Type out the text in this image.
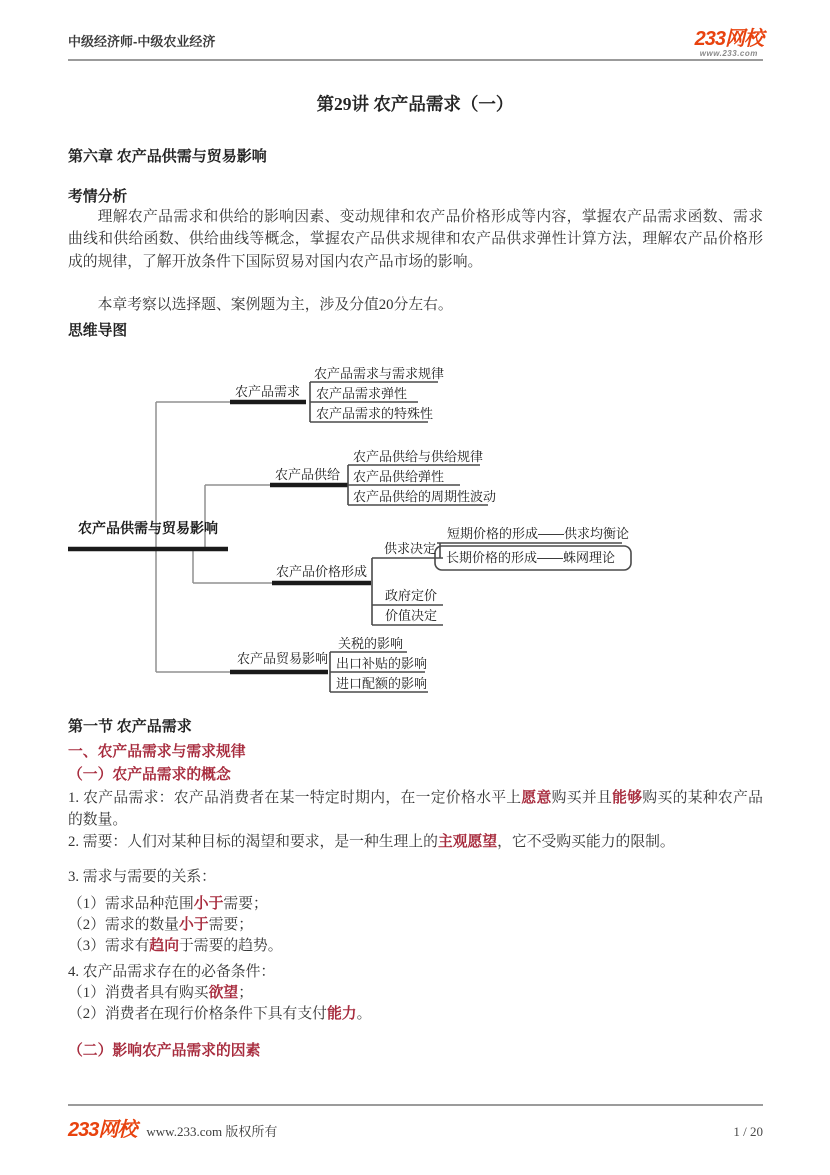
中级经济师-中级农业经济	233网校
www.233.com
第29讲 农产品需求（一）
第六章 农产品供需与贸易影响
考情分析
理解农产品需求和供给的影响因素、变动规律和农产品价格形成等内容，掌握农产品需求函数、需求曲线和供给函数、供给曲线等概念，掌握农产品供求规律和农产品供求弹性计算方法，理解农产品价格形成的规律，了解开放条件下国际贸易对国内农产品市场的影响。
本章考察以选择题、案例题为主，涉及分值20分左右。
思维导图
农产品供需与贸易影响
农产品需求
农产品需求与需求规律
农产品需求弹性
农产品需求的特殊性
农产品供给
农产品供给与供给规律
农产品供给弹性
农产品供给的周期性波动
农产品价格形成
供求决定
短期价格的形成——供求均衡论
长期价格的形成——蛛网理论
政府定价
价值决定
农产品贸易影响
关税的影响
出口补贴的影响
进口配额的影响
第一节 农产品需求
一、农产品需求与需求规律
（一）农产品需求的概念
1. 农产品需求：农产品消费者在某一特定时期内，在一定价格水平上愿意购买并且能够购买的某种农产品的数量。
2. 需要：人们对某种目标的渴望和要求，是一种生理上的主观愿望，它不受购买能力的限制。
3. 需求与需要的关系：
（1）需求品种范围小于需要；
（2）需求的数量小于需要；
（3）需求有趋向于需要的趋势。
4. 农产品需求存在的必备条件：
（1）消费者具有购买欲望；
（2）消费者在现行价格条件下具有支付能力。
（二）影响农产品需求的因素
233网校 www.233.com 版权所有	1 / 20
